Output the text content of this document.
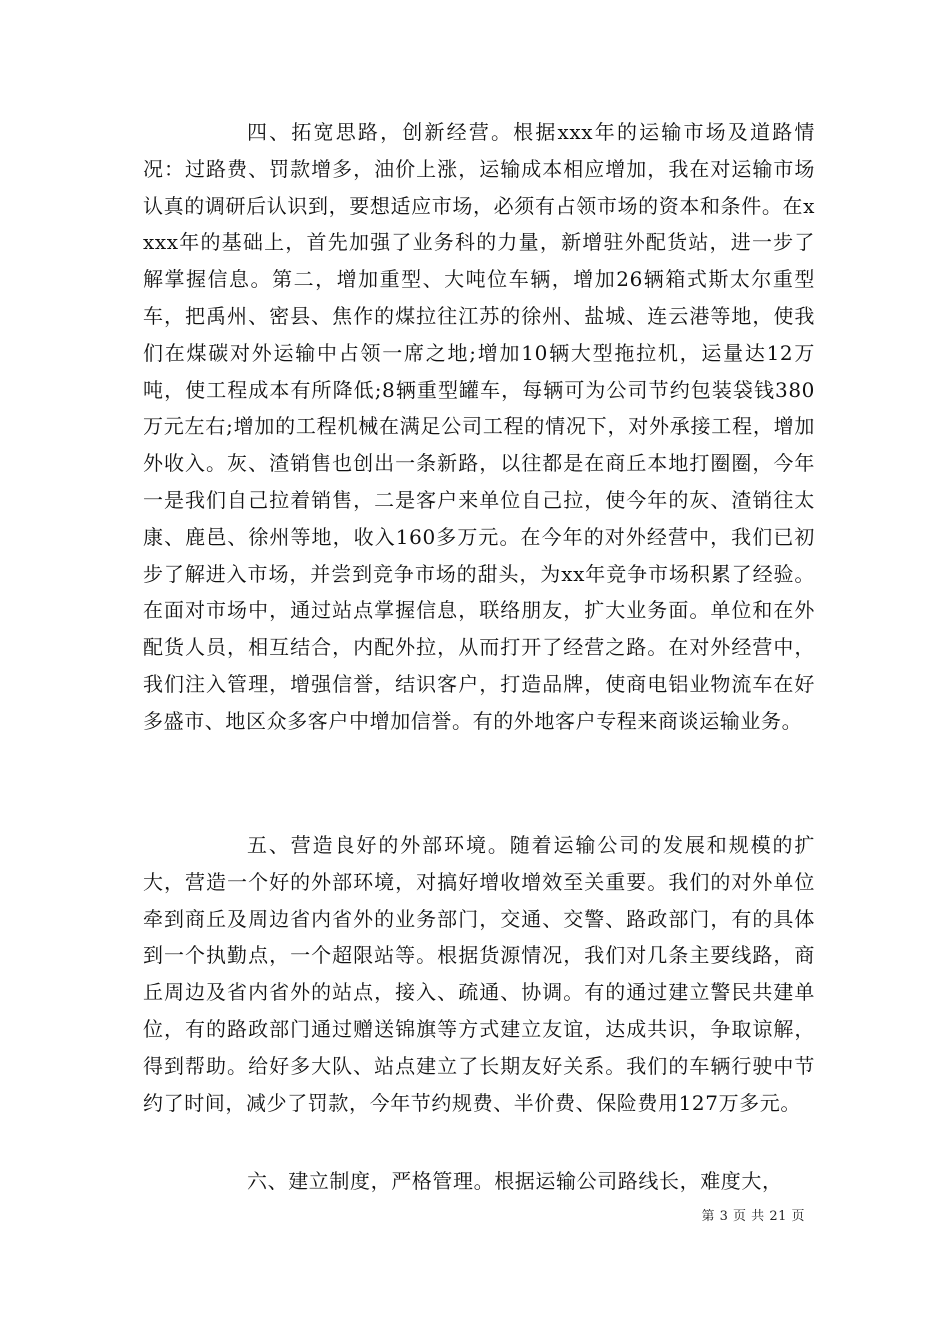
四、拓宽思路，创新经营。根据xxx年的运输市场及道路情况：过路费、罚款增多，油价上涨，运输成本相应增加，我在对运输市场认真的调研后认识到，要想适应市场，必须有占领市场的资本和条件。在xxxx年的基础上，首先加强了业务科的力量，新增驻外配货站，进一步了解掌握信息。第二，增加重型、大吨位车辆，增加26辆箱式斯太尔重型车，把禹州、密县、焦作的煤拉往江苏的徐州、盐城、连云港等地，使我们在煤碳对外运输中占领一席之地;增加10辆大型拖拉机，运量达12万吨，使工程成本有所降低;8辆重型罐车，每辆可为公司节约包装袋钱380万元左右;增加的工程机械在满足公司工程的情况下，对外承接工程，增加外收入。灰、渣销售也创出一条新路，以往都是在商丘本地打圈圈，今年一是我们自己拉着销售，二是客户来单位自己拉，使今年的灰、渣销往太康、鹿邑、徐州等地，收入160多万元。在今年的对外经营中，我们已初步了解进入市场，并尝到竞争市场的甜头，为xx年竞争市场积累了经验。在面对市场中，通过站点掌握信息，联络朋友，扩大业务面。单位和在外配货人员，相互结合，内配外拉，从而打开了经营之路。在对外经营中，我们注入管理，增强信誉，结识客户，打造品牌，使商电铝业物流车在好多盛市、地区众多客户中增加信誉。有的外地客户专程来商谈运输业务。

五、营造良好的外部环境。随着运输公司的发展和规模的扩大，营造一个好的外部环境，对搞好增收增效至关重要。我们的对外单位牵到商丘及周边省内省外的业务部门，交通、交警、路政部门，有的具体到一个执勤点，一个超限站等。根据货源情况，我们对几条主要线路，商丘周边及省内省外的站点，接入、疏通、协调。有的通过建立警民共建单位，有的路政部门通过赠送锦旗等方式建立友谊，达成共识，争取谅解，得到帮助。给好多大队、站点建立了长期友好关系。我们的车辆行驶中节约了时间，减少了罚款，今年节约规费、半价费、保险费用127万多元。

六、建立制度，严格管理。根据运输公司路线长，难度大，

第 3 页 共 21 页
